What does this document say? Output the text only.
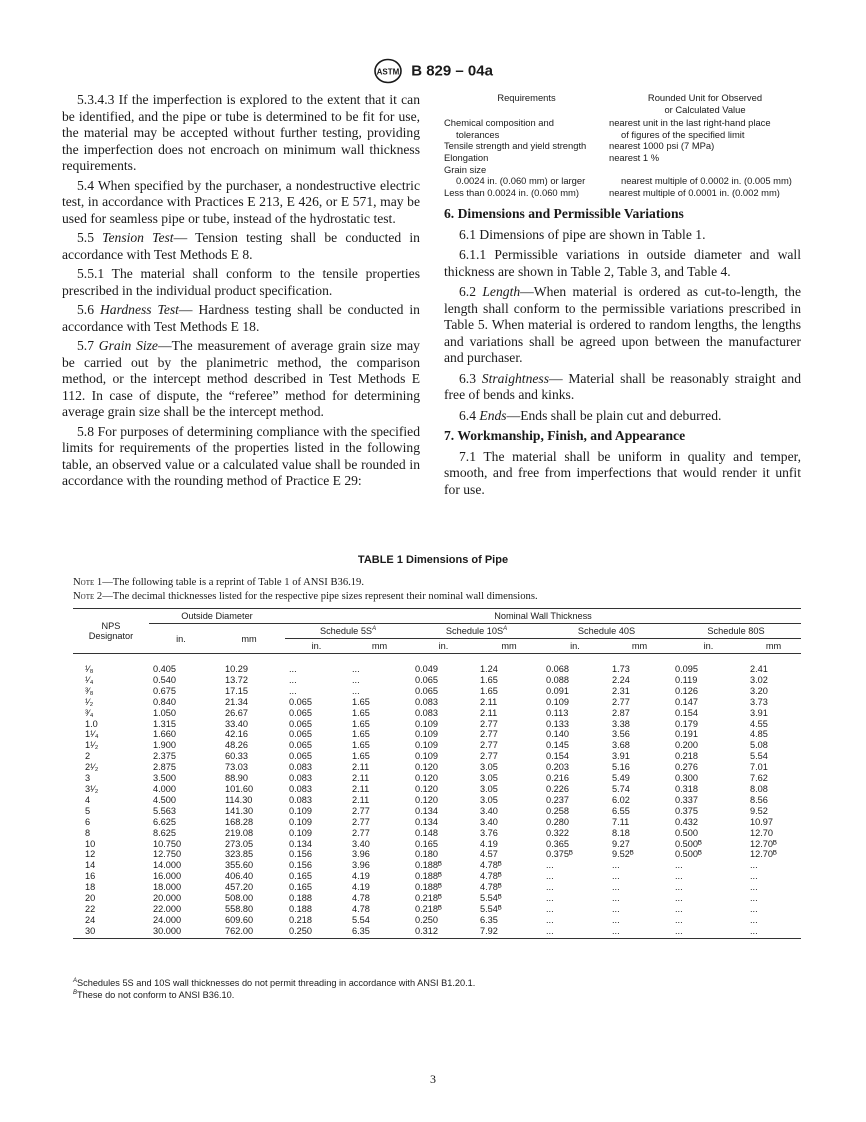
ASTM B 829 – 04a

5.3.4.3 If the imperfection is explored to the extent that it can be identified, and the pipe or tube is determined to be fit for use, the material may be accepted without further testing, providing the imperfection does not encroach on minimum wall thickness requirements.

5.4 When specified by the purchaser, a nondestructive electric test, in accordance with Practices E 213, E 426, or E 571, may be used for seamless pipe or tube, instead of the hydrostatic test.

5.5 Tension Test— Tension testing shall be conducted in accordance with Test Methods E 8.

5.5.1 The material shall conform to the tensile properties prescribed in the individual product specification.

5.6 Hardness Test— Hardness testing shall be conducted in accordance with Test Methods E 18.

5.7 Grain Size—The measurement of average grain size may be carried out by the planimetric method, the comparison method, or the intercept method described in Test Methods E 112. In case of dispute, the “referee” method for determining average grain size shall be the intercept method.

5.8 For purposes of determining compliance with the specified limits for requirements of the properties listed in the following table, an observed value or a calculated value shall be rounded in accordance with the rounding method of Practice E 29:

Requirements	Rounded Unit for Observed
or Calculated Value
Chemical composition and
tolerances
nearest unit in the last right-hand place
of figures of the specified limit
Tensile strength and yield strength	nearest 1000 psi (7 MPa)
Elongation	nearest 1 %
Grain size
0.0024 in. (0.060 mm) or larger	nearest multiple of 0.0002 in. (0.005 mm)
Less than 0.0024 in. (0.060 mm)	nearest multiple of 0.0001 in. (0.002 mm)

6. Dimensions and Permissible Variations

6.1 Dimensions of pipe are shown in Table 1.

6.1.1 Permissible variations in outside diameter and wall thickness are shown in Table 2, Table 3, and Table 4.

6.2 Length—When material is ordered as cut-to-length, the length shall conform to the permissible variations prescribed in Table 5. When material is ordered to random lengths, the lengths and variations shall be agreed upon between the manufacturer and purchaser.

6.3 Straightness— Material shall be reasonably straight and free of bends and kinks.

6.4 Ends—Ends shall be plain cut and deburred.

7. Workmanship, Finish, and Appearance

7.1 The material shall be uniform in quality and temper, smooth, and free from imperfections that would render it unfit for use.

TABLE 1 Dimensions of Pipe
Note 1—The following table is a reprint of Table 1 of ANSI B36.19.
Note 2—The decimal thicknesses listed for the respective pipe sizes represent their nominal wall dimensions.
NPS
Designator	Outside Diameter		Nominal Wall Thickness							
	in.	mm	Schedule $5S^A$		Schedule $10S^A$		Schedule 40S		Schedule 80S	
			in.	mm	in.	mm	in.	mm	in.	mm
¹⁄₈	0.405	10.29	...	...	0.049	1.24	0.068	1.73	0.095	2.41
¹⁄₄	0.540	13.72	...	...	0.065	1.65	0.088	2.24	0.119	3.02
³⁄₈	0.675	17.15	...	...	0.065	1.65	0.091	2.31	0.126	3.20
¹⁄₂	0.840	21.34	0.065	1.65	0.083	2.11	0.109	2.77	0.147	3.73
³⁄₄	1.050	26.67	0.065	1.65	0.083	2.11	0.113	2.87	0.154	3.91
1.0	1.315	33.40	0.065	1.65	0.109	2.77	0.133	3.38	0.179	4.55
1¹⁄₄	1.660	42.16	0.065	1.65	0.109	2.77	0.140	3.56	0.191	4.85
1¹⁄₂	1.900	48.26	0.065	1.65	0.109	2.77	0.145	3.68	0.200	5.08
2	2.375	60.33	0.065	1.65	0.109	2.77	0.154	3.91	0.218	5.54
2¹⁄₂	2.875	73.03	0.083	2.11	0.120	3.05	0.203	5.16	0.276	7.01
3	3.500	88.90	0.083	2.11	0.120	3.05	0.216	5.49	0.300	7.62
3¹⁄₂	4.000	101.60	0.083	2.11	0.120	3.05	0.226	5.74	0.318	8.08
4	4.500	114.30	0.083	2.11	0.120	3.05	0.237	6.02	0.337	8.56
5	5.563	141.30	0.109	2.77	0.134	3.40	0.258	6.55	0.375	9.52
6	6.625	168.28	0.109	2.77	0.134	3.40	0.280	7.11	0.432	10.97
8	8.625	219.08	0.109	2.77	0.148	3.76	0.322	8.18	0.500	12.70
10	10.750	273.05	0.134	3.40	0.165	4.19	0.365	9.27	0.500ᴮ	12.70ᴮ
12	12.750	323.85	0.156	3.96	0.180	4.57	0.375ᴮ	9.52ᴮ	0.500ᴮ	12.70ᴮ
14	14.000	355.60	0.156	3.96	0.188ᴮ	4.78ᴮ	...	...	...	...
16	16.000	406.40	0.165	4.19	0.188ᴮ	4.78ᴮ	...	...	...	...
18	18.000	457.20	0.165	4.19	0.188ᴮ	4.78ᴮ	...	...	...	...
20	20.000	508.00	0.188	4.78	0.218ᴮ	5.54ᴮ	...	...	...	...
22	22.000	558.80	0.188	4.78	0.218ᴮ	5.54ᴮ	...	...	...	...
24	24.000	609.60	0.218	5.54	0.250	6.35	...	...	...	...
30	30.000	762.00	0.250	6.35	0.312	7.92	...	...	...	...
$^A$Schedules 5S and 10S wall thicknesses do not permit threading in accordance with ANSI B1.20.1.
$^B$These do not conform to ANSI B36.10.
3
